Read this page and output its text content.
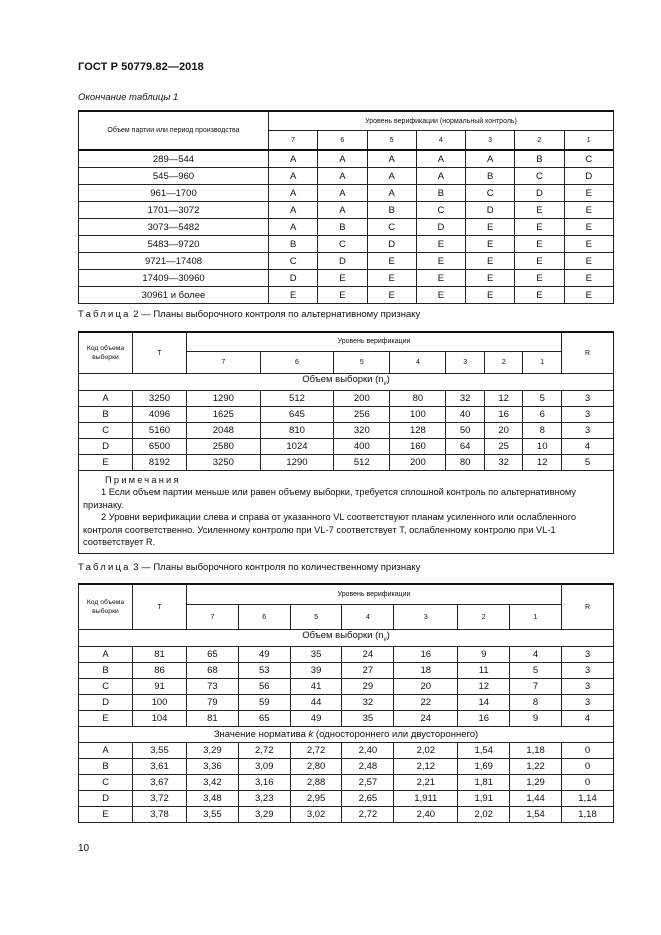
ГОСТ Р 50779.82—2018
Окончание таблицы 1
Объем партии или период производства	Уровень верификации (нормальный контроль)						
	7	6	5	4	3	2	1
289—544	A	A	A	A	A	B	C
545—960	A	A	A	A	B	C	D
961—1700	A	A	A	B	C	D	E
1701—3072	A	A	B	C	D	E	E
3073—5482	A	B	C	D	E	E	E
5483—9720	B	C	D	E	E	E	E
9721—17408	C	D	E	E	E	E	E
17409—30960	D	E	E	E	E	E	E
30961 и более	E	E	E	E	E	E	E
Таблица 2 — Планы выборочного контроля по альтернативному признаку
Код объема выборки	T	Уровень верификации							R
		7	6	5	4	3	2	1	
Объем выборки $(n_v)$									
A	3250	1290	512	200	80	32	12	5	3
B	4096	1625	645	256	100	40	16	6	3
C	5160	2048	810	320	128	50	20	8	3
D	6500	2580	1024	400	160	64	25	10	4
E	8192	3250	1290	512	200	80	32	12	5

Примечания
1 Если объем партии меньше или равен объему выборки, требуется сплошной контроль по альтернативному признаку.
2 Уровни верификации слева и справа от указанного VL соответствуют планам усиленного или ослабленного контроля соответственно. Усиленному контролю при VL-7 соответствует T, ослабленному контролю при VL-1 соответствует R.									
Таблица 3 — Планы выборочного контроля по количественному признаку
Код объема выборки	T	Уровень верификации							R
		7	6	5	4	3	2	1	
Объем выборки $(n_v)$									
A	81	65	49	35	24	16	9	4	3
B	86	68	53	39	27	18	11	5	3
C	91	73	56	41	29	20	12	7	3
D	100	79	59	44	32	22	14	8	3
E	104	81	65	49	35	24	16	9	4
Значение норматива k (одностороннего или двустороннего)									
A	3,55	3,29	2,72	2,72	2,40	2,02	1,54	1,18	0
B	3,61	3,36	3,09	2,80	2,48	2,12	1,69	1,22	0
C	3,67	3,42	3,16	2,88	2,57	2,21	1,81	1,29	0
D	3,72	3,48	3,23	2,95	2,65	1,911	1,91	1,44	1,14
E	3,78	3,55	3,29	3,02	2,72	2,40	2,02	1,54	1,18
10
